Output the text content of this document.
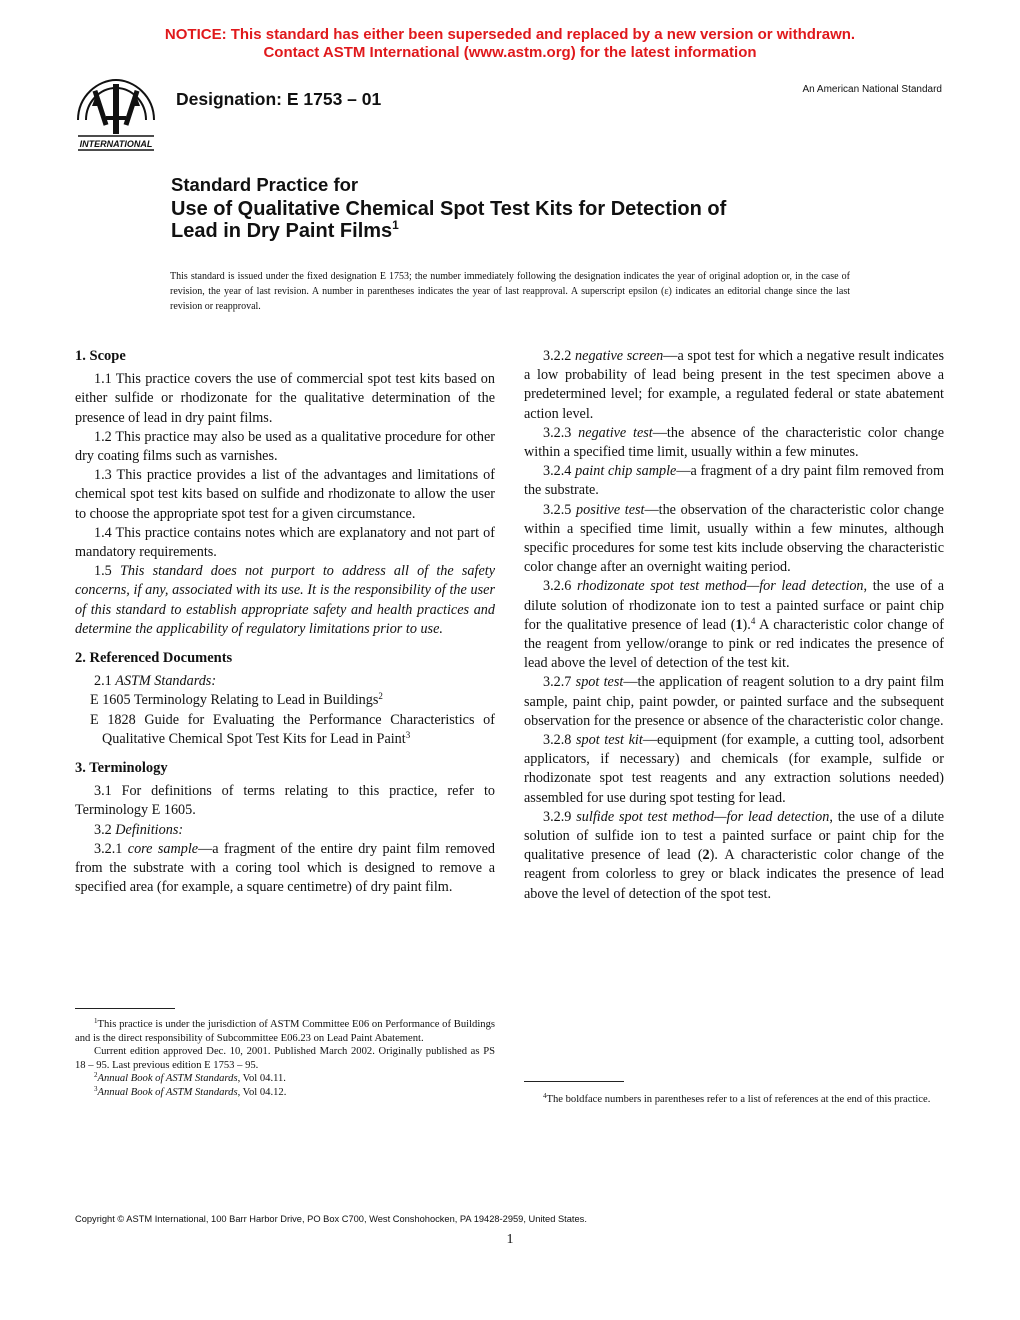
NOTICE: This standard has either been superseded and replaced by a new version or withdrawn.
Contact ASTM International (www.astm.org) for the latest information
INTERNATIONAL
Designation: E 1753 – 01	An American National Standard
Standard Practice for
Use of Qualitative Chemical Spot Test Kits for Detection of
Lead in Dry Paint Films$^1$
This standard is issued under the fixed designation E 1753; the number immediately following the designation indicates the year of original adoption or, in the case of revision, the year of last revision. A number in parentheses indicates the year of last reapproval. A superscript epsilon (ε) indicates an editorial change since the last revision or reapproval.
1. Scope

1.1 This practice covers the use of commercial spot test kits based on either sulfide or rhodizonate for the qualitative determination of the presence of lead in dry paint films.

1.2 This practice may also be used as a qualitative procedure for other dry coating films such as varnishes.

1.3 This practice provides a list of the advantages and limitations of chemical spot test kits based on sulfide and rhodizonate to allow the user to choose the appropriate spot test for a given circumstance.

1.4 This practice contains notes which are explanatory and not part of mandatory requirements.

1.5 This standard does not purport to address all of the safety concerns, if any, associated with its use. It is the responsibility of the user of this standard to establish appropriate safety and health practices and determine the applicability of regulatory limitations prior to use.

2. Referenced Documents

2.1 ASTM Standards:

E 1605 Terminology Relating to Lead in Buildings$^2$

E 1828 Guide for Evaluating the Performance Characteristics of Qualitative Chemical Spot Test Kits for Lead in Paint$^3$

3. Terminology

3.1 For definitions of terms relating to this practice, refer to Terminology E 1605.

3.2 Definitions:

3.2.1 core sample—a fragment of the entire dry paint film removed from the substrate with a coring tool which is designed to remove a specified area (for example, a square centimetre) of dry paint film.

3.2.2 negative screen—a spot test for which a negative result indicates a low probability of lead being present in the test specimen above a predetermined level; for example, a regulated federal or state abatement action level.

3.2.3 negative test—the absence of the characteristic color change within a specified time limit, usually within a few minutes.

3.2.4 paint chip sample—a fragment of a dry paint film removed from the substrate.

3.2.5 positive test—the observation of the characteristic color change within a specified time limit, usually within a few minutes, although specific procedures for some test kits include observing the characteristic color change after an overnight waiting period.

3.2.6 rhodizonate spot test method—for lead detection, the use of a dilute solution of rhodizonate ion to test a painted surface or paint chip for the qualitative presence of lead (1).$^4$ A characteristic color change of the reagent from yellow/orange to pink or red indicates the presence of lead above the level of detection of the test kit.

3.2.7 spot test—the application of reagent solution to a dry paint film sample, paint chip, paint powder, or painted surface and the subsequent observation for the presence or absence of the characteristic color change.

3.2.8 spot test kit—equipment (for example, a cutting tool, adsorbent applicators, if necessary) and chemicals (for example, sulfide or rhodizonate spot test reagents and any extraction solutions needed) assembled for use during spot testing for lead.

3.2.9 sulfide spot test method—for lead detection, the use of a dilute solution of sulfide ion to test a painted surface or paint chip for the qualitative presence of lead (2). A characteristic color change of the reagent from colorless to grey or black indicates the presence of lead above the level of detection of the spot test.

$^1$This practice is under the jurisdiction of ASTM Committee E06 on Performance of Buildings and is the direct responsibility of Subcommittee E06.23 on Lead Paint Abatement.

Current edition approved Dec. 10, 2001. Published March 2002. Originally published as PS 18 – 95. Last previous edition E 1753 – 95.

$^2$Annual Book of ASTM Standards, Vol 04.11.

$^3$Annual Book of ASTM Standards, Vol 04.12.	$^4$The boldface numbers in parentheses refer to a list of references at the end of this practice.

Copyright © ASTM International, 100 Barr Harbor Drive, PO Box C700, West Conshohocken, PA 19428-2959, United States.
1
